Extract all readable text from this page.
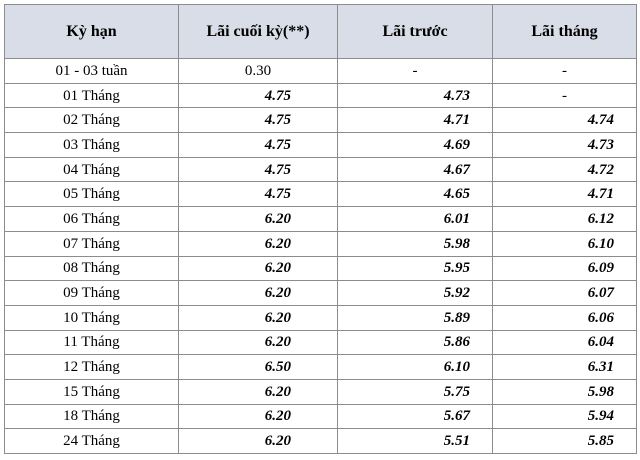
Kỳ hạn	Lãi cuối kỳ(**)	Lãi trước	Lãi tháng
01 - 03 tuần	0.30	-	-
01 Tháng	4.75	4.73	-
02 Tháng	4.75	4.71	4.74
03 Tháng	4.75	4.69	4.73
04 Tháng	4.75	4.67	4.72
05 Tháng	4.75	4.65	4.71
06 Tháng	6.20	6.01	6.12
07 Tháng	6.20	5.98	6.10
08 Tháng	6.20	5.95	6.09
09 Tháng	6.20	5.92	6.07
10 Tháng	6.20	5.89	6.06
11 Tháng	6.20	5.86	6.04
12 Tháng	6.50	6.10	6.31
15 Tháng	6.20	5.75	5.98
18 Tháng	6.20	5.67	5.94
24 Tháng	6.20	5.51	5.85
